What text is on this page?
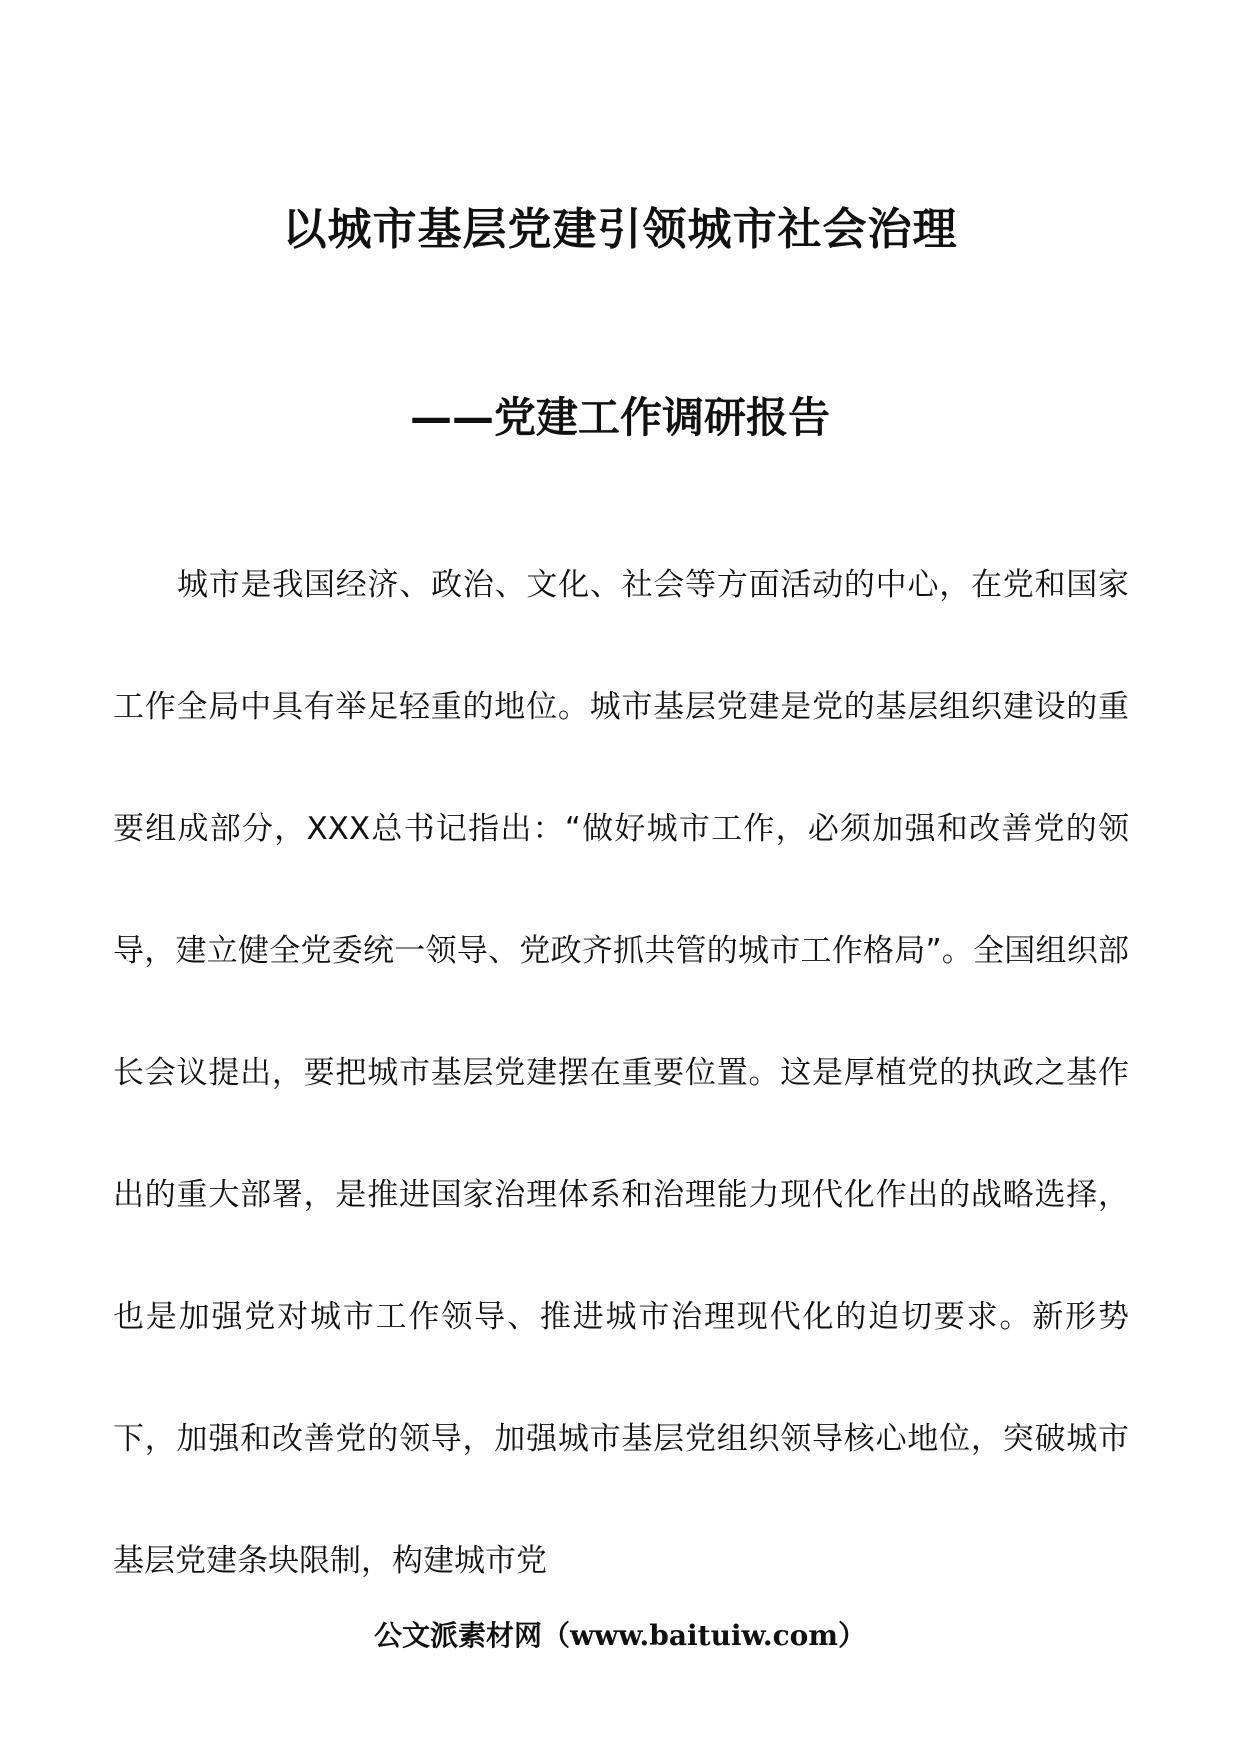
以城市基层党建引领城市社会治理
——党建工作调研报告

城市是我国经济、政治、文化、社会等方面活动的中心，在党和国家工作全局中具有举足轻重的地位。城市基层党建是党的基层组织建设的重要组成部分，XXX总书记指出：“做好城市工作，必须加强和改善党的领导，建立健全党委统一领导、党政齐抓共管的城市工作格局”。全国组织部长会议提出，要把城市基层党建摆在重要位置。这是厚植党的执政之基作出的重大部署，是推进国家治理体系和治理能力现代化作出的战略选择，也是加强党对城市工作领导、推进城市治理现代化的迫切要求。新形势下，加强和改善党的领导，加强城市基层党组织领导核心地位，突破城市基层党建条块限制，构建城市党

公文派素材网（www.baituiw.com）
